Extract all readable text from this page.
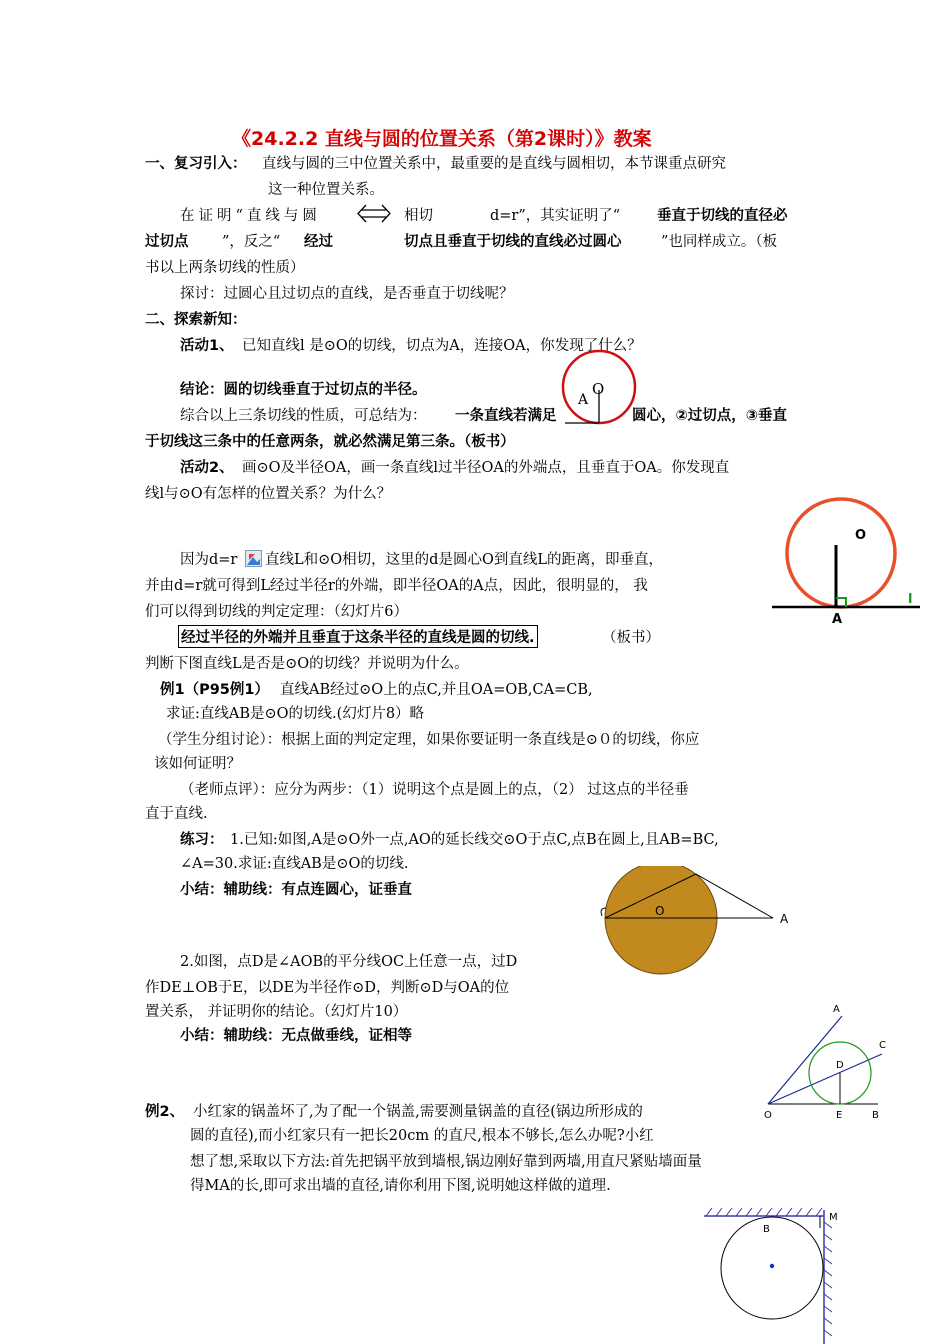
《24.2.2 直线与圆的位置关系（第2课时）》教案
一、复习引入： 直线与圆的三中位置关系中，最重要的是直线与圆相切，本节课重点研究
这一种位置关系。
在证明“直线与圆	相切	d=r”，其实证明了“	垂直于切线的直径必
过切点 ”，反之“ 经过	切点且垂直于切线的直线必过圆心	”也同样成立。（板
书以上两条切线的性质）
探讨：过圆心且过切点的直线，是否垂直于切线呢？
二、探索新知：
活动1、 已知直线l 是⊙O的切线，切点为A，连接OA，你发现了什么？
结论：圆的切线垂直于过切点的半径。	O
A
综合以上三条切线的性质，可总结为： 一条直线若满足	圆心，②过切点，③垂直
于切线这三条中的任意两条，就必然满足第三条。（板书）
活动2、 画⊙O及半径OA，画一条直线l过半径OA的外端点，且垂直于OA。你发现直
线l与⊙O有怎样的位置关系？为什么？
O
A
l
因为d=r 直线L和⊙O相切，这里的d是圆心O到直线L的距离，即垂直，
并由d=r就可得到L经过半径r的外端，即半径OA的A点，因此，很明显的， 我
们可以得到切线的判定定理：（幻灯片6）
经过半径的外端并且垂直于这条半径的直线是圆的切线.	（板书）
判断下图直线L是否是⊙O的切线？并说明为什么。
例1（P95例1） 直线AB经过⊙O上的点C,并且OA=OB,CA=CB,
求证:直线AB是⊙O的切线.(幻灯片8）略
（学生分组讨论）：根据上面的判定定理，如果你要证明一条直线是⊙０的切线，你应
该如何证明？
（老师点评）：应分为两步：（1）说明这个点是圆上的点，（2） 过这点的半径垂
直于直线.
练习： 1.已知:如图,A是⊙O外一点,AO的延长线交⊙O于点C,点B在圆上,且AB=BC,
∠A=30.求证:直线AB是⊙O的切线.
小结：辅助线：有点连圆心，证垂直
O
A
2.如图，点D是∠AOB的平分线OC上任意一点，过D
作DE⊥OB于E，以DE为半径作⊙D，判断⊙D与OA的位
置关系， 并证明你的结论。（幻灯片10）
小结：辅助线：无点做垂线，证相等
A
C
D
O	E	B
例2、 小红家的锅盖坏了,为了配一个锅盖,需要测量锅盖的直径(锅边所形成的
圆的直径),而小红家只有一把长20cm 的直尺,根本不够长,怎么办呢?小红
想了想,采取以下方法:首先把锅平放到墙根,锅边刚好靠到两墙,用直尺紧贴墙面量
得MA的长,即可求出墙的直径,请你利用下图,说明她这样做的道理.
B
M
